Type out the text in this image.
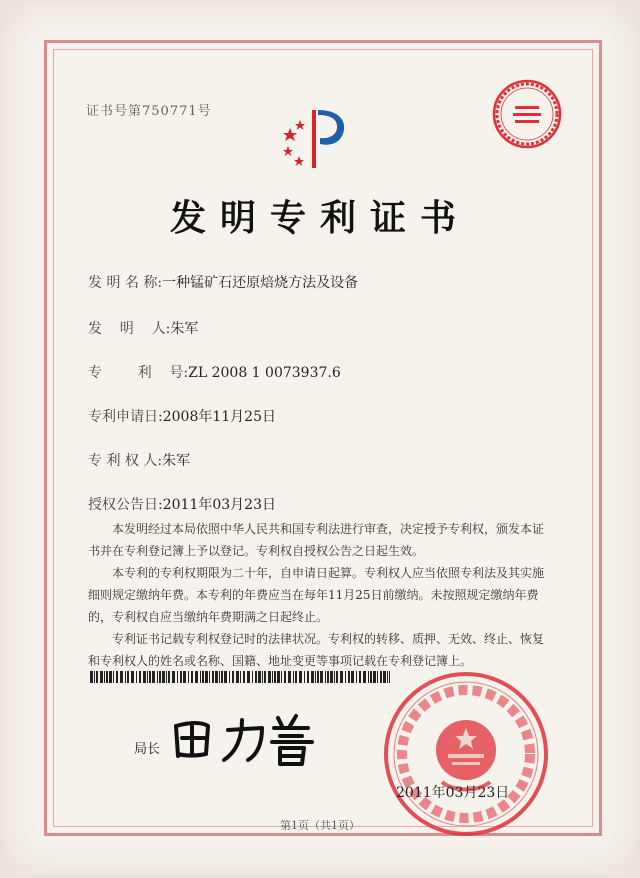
证书号第750771号
发明专利证书
发 明 名 称:一种锰矿石还原焙烧方法及设备
发    明    人:朱军
专        利    号:ZL 2008 1 0073937.6
专利申请日:2008年11月25日
专 利 权 人:朱军
授权公告日:2011年03月23日

本发明经过本局依照中华人民共和国专利法进行审查，决定授予专利权，颁发本证书并在专利登记簿上予以登记。专利权自授权公告之日起生效。

本专利的专利权期限为二十年，自申请日起算。专利权人应当依照专利法及其实施细则规定缴纳年费。本专利的年费应当在每年11月25日前缴纳。未按照规定缴纳年费的，专利权自应当缴纳年费期满之日起终止。

专利证书记载专利权登记时的法律状况。专利权的转移、质押、无效、终止、恢复和专利权人的姓名或名称、国籍、地址变更等事项记载在专利登记簿上。

局长
2011年03月23日
第1页（共1页）
